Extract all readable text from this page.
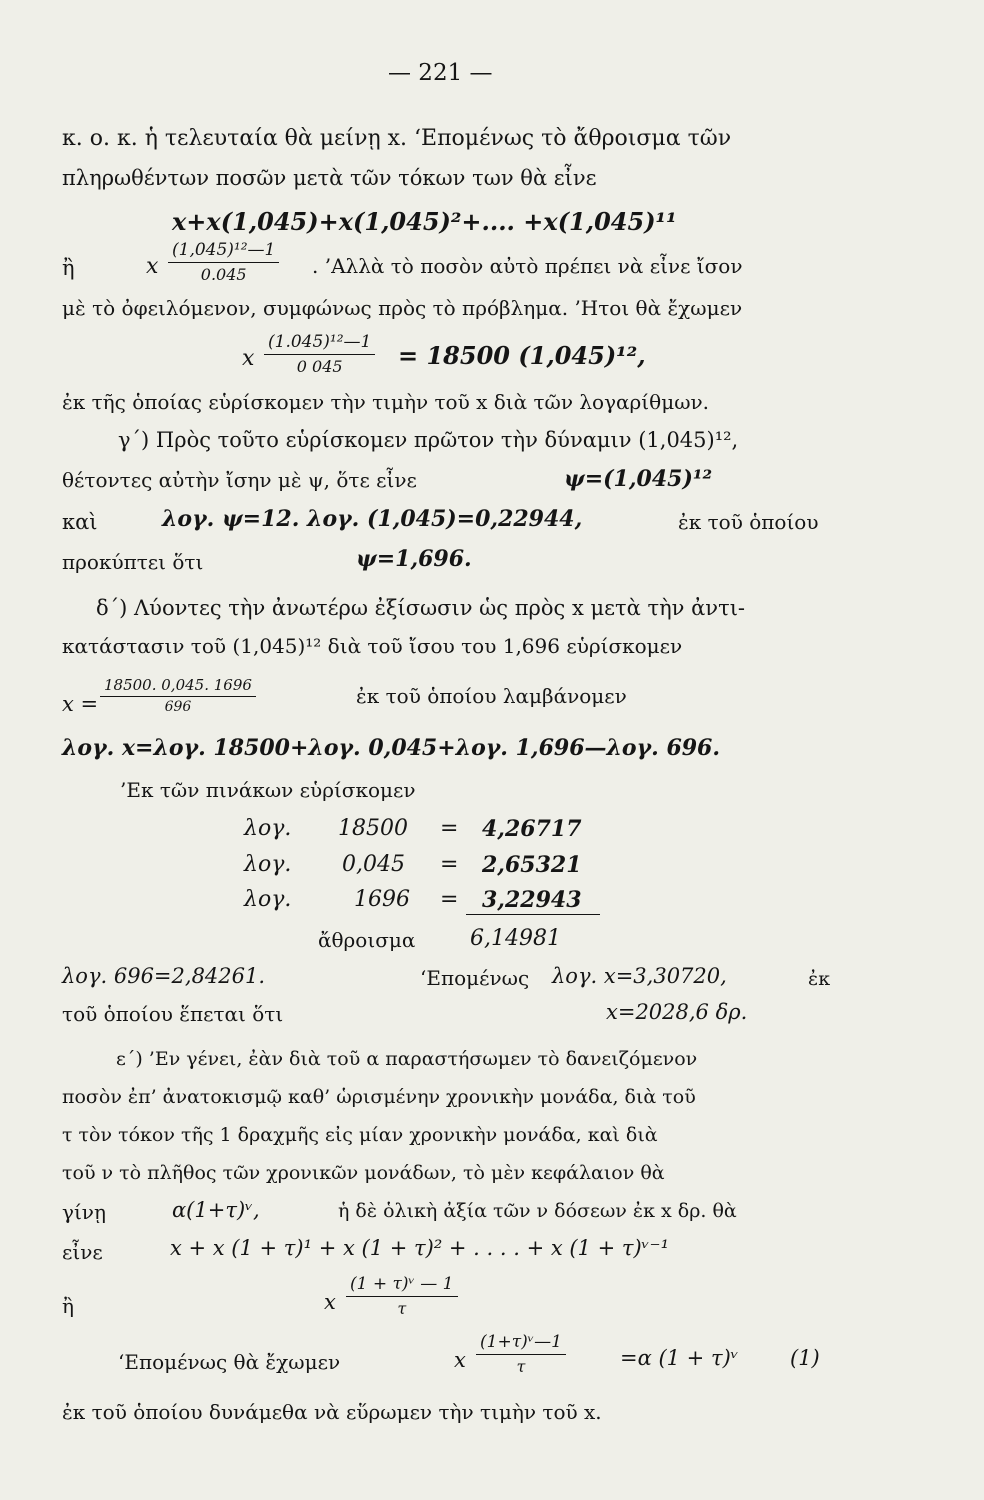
— 221 —
κ. ο. κ. ἡ τελευταία θὰ μείνῃ x. ‘Επομένως τὸ ἄθροισμα τῶν
πληρωθέντων ποσῶν μετὰ τῶν τόκων των θὰ εἶνε
x+x(1,045)+x(1,045)²+.... +x(1,045)¹¹
ἢ	x $\frac{\text{(1,045)¹²—1}}{0.045}$ . ’Αλλὰ τὸ ποσὸν αὐτὸ πρέπει νὰ εἶνε ἴσον
μὲ τὸ ὀφειλόμενον, συμφώνως πρὸς τὸ πρόβλημα. ’Ητοι θὰ ἔχωμεν
x $\frac{\text{(1.045)¹²—1}}{0 045} = 18500$ (1,045)¹²,
ἐκ τῆς ὁποίας εὑρίσκομεν τὴν τιμὴν τοῦ x διὰ τῶν λογαρίθμων.
γ΄) Πρὸς τοῦτο εὑρίσκομεν πρῶτον τὴν δύναμιν (1,045)¹²,
θέτοντες αὐτὴν ἴσην μὲ ψ, ὅτε εἶνε	ψ=(1,045)¹²
καὶ	λογ. ψ=12. λογ. (1,045)=0,22944,	ἐκ τοῦ ὁποίου
προκύπτει ὅτι	ψ=1,696.
δ΄) Λύοντες τὴν ἀνωτέρω ἐξίσωσιν ὡς πρὸς x μετὰ τὴν ἀντι-
κατάστασιν τοῦ (1,045)¹² διὰ τοῦ ἴσου του 1,696 εὑρίσκομεν
$x = \frac{18500. 0,045. 1696}{696}$	ἐκ τοῦ ὁποίου λαμβάνομεν
λογ. x=λογ. 18500+λογ. 0,045+λογ. 1,696—λογ. 696.
’Εκ τῶν πινάκων εὑρίσκομεν
λογ. 18500 = 4,26717
λογ. 0,045 = 2,65321
λογ.	1696 = 3,22943
ἄθροισμα 6,14981
λογ. 696=2,84261.	‘Επομένως λογ. x=3,30720,	ἐκ
τοῦ ὁποίου ἕπεται ὅτι	x=2028,6 δρ.
ε΄) ’Εν γένει, ἐὰν διὰ τοῦ α παραστήσωμεν τὸ δανειζόμενον
ποσὸν ἐπ’ ἀνατοκισμῷ καθ’ ὡρισμένην χρονικὴν μονάδα, διὰ τοῦ
τ τὸν τόκον τῆς 1 δραχμῆς εἰς μίαν χρονικὴν μονάδα, καὶ διὰ
τοῦ ν τὸ πλῆθος τῶν χρονικῶν μονάδων, τὸ μὲν κεφάλαιον θὰ
γίνῃ	α(1+τ)ᵛ,	ἡ δὲ ὁλικὴ ἀξία τῶν ν δόσεων ἐκ x δρ. θὰ
εἶνε	x + x (1 + τ)¹ + x (1 + τ)² + . . . . + x (1 + τ)ᵛ⁻¹
ἢ	x $\frac{\text{(1 + τ)ᵛ — 1}}{\tau}$
‘Επομένως θὰ ἔχωμεν	x $\frac{\text{(1+τ)ᵛ—1}}{\tau}$	=α (1 + τ)ᵛ (1)
ἐκ τοῦ ὁποίου δυνάμεθα νὰ εὕρωμεν τὴν τιμὴν τοῦ x.
